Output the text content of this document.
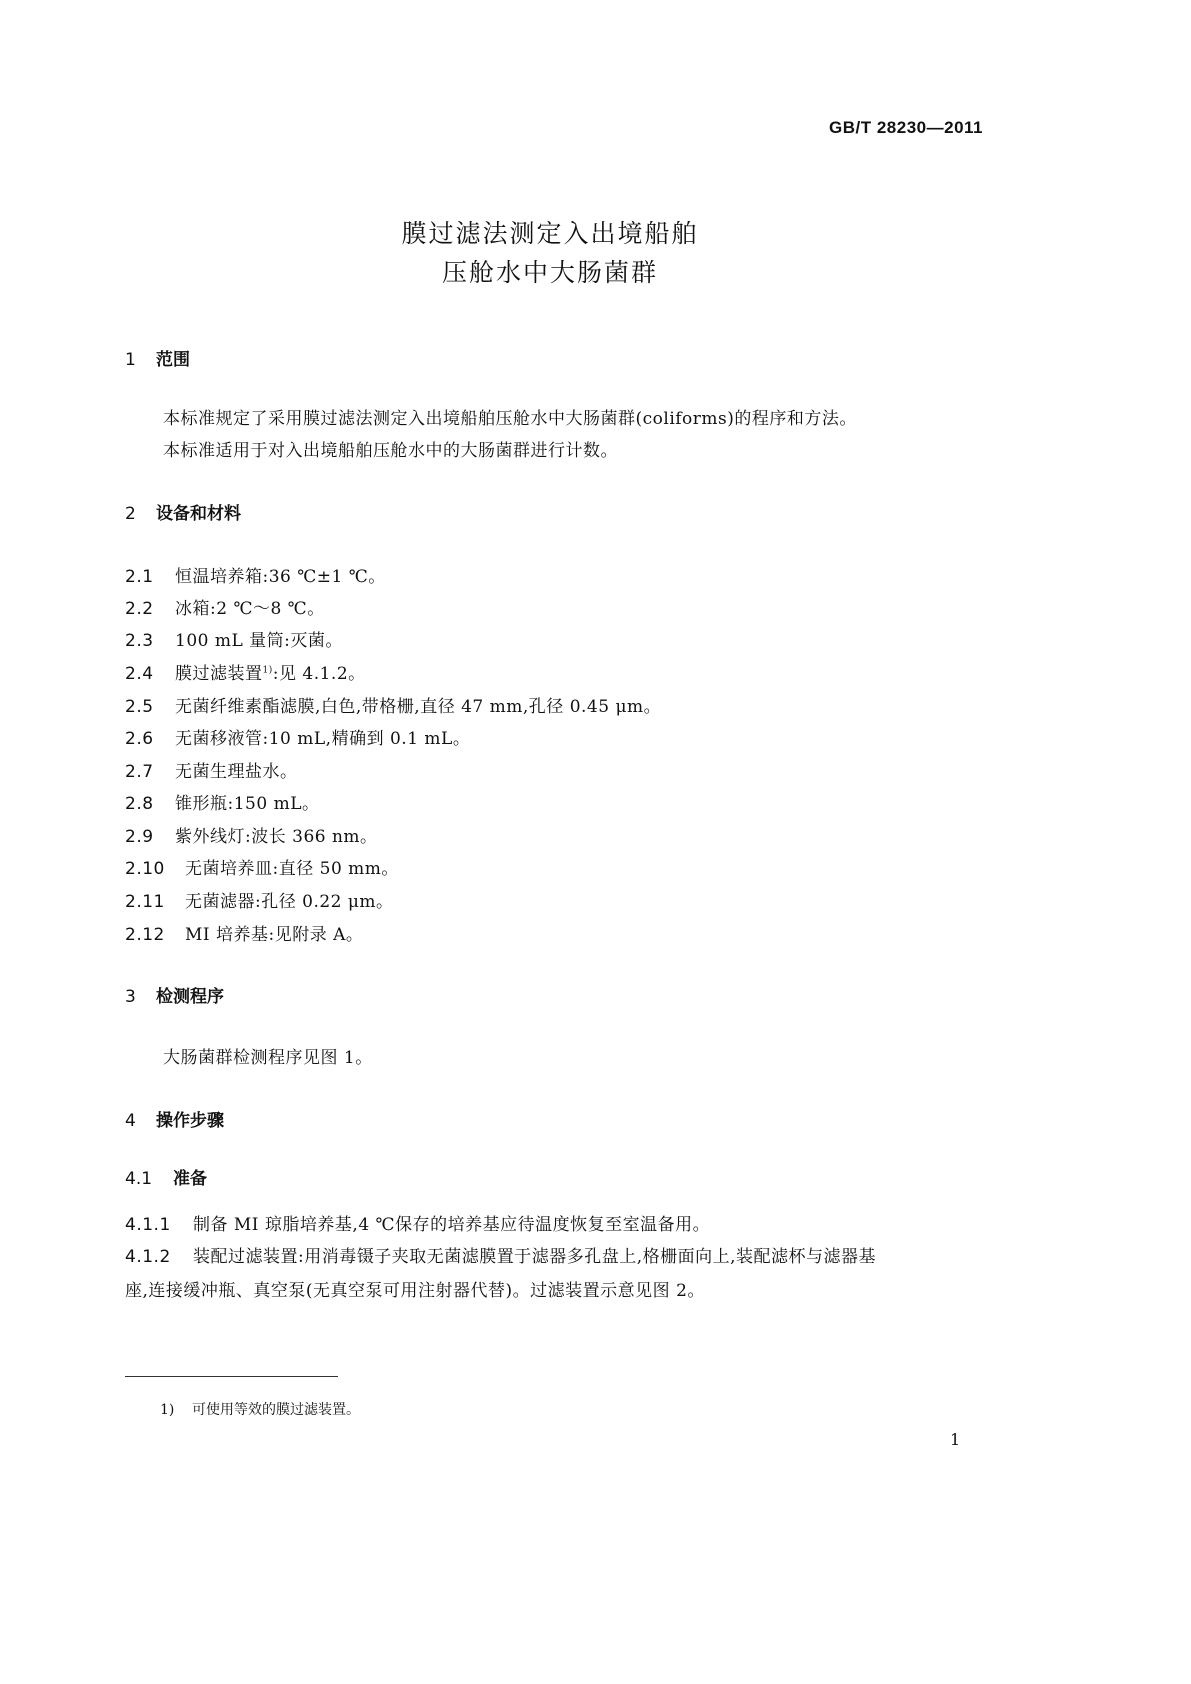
GB/T 28230—2011
膜过滤法测定入出境船舶
压舱水中大肠菌群
1 范围
本标准规定了采用膜过滤法测定入出境船舶压舱水中大肠菌群(coliforms)的程序和方法。
本标准适用于对入出境船舶压舱水中的大肠菌群进行计数。
2 设备和材料
2.1 恒温培养箱:36 ℃±1 ℃。
2.2 冰箱:2 ℃～8 ℃。
2.3 100 mL 量筒:灭菌。
2.4 膜过滤装置$^{1)}$:见 4.1.2。
2.5 无菌纤维素酯滤膜,白色,带格栅,直径 47 mm,孔径 0.45 μm。
2.6 无菌移液管:10 mL,精确到 0.1 mL。
2.7 无菌生理盐水。
2.8 锥形瓶:150 mL。
2.9 紫外线灯:波长 366 nm。
2.10 无菌培养皿:直径 50 mm。
2.11 无菌滤器:孔径 0.22 μm。
2.12 MI 培养基:见附录 A。
3 检测程序
大肠菌群检测程序见图 1。
4 操作步骤
4.1 准备
4.1.1 制备 MI 琼脂培养基,4 ℃保存的培养基应待温度恢复至室温备用。
4.1.2 装配过滤装置:用消毒镊子夹取无菌滤膜置于滤器多孔盘上,格栅面向上,装配滤杯与滤器基
座,连接缓冲瓶、真空泵(无真空泵可用注射器代替)。过滤装置示意见图 2。
1) 可使用等效的膜过滤装置。
1
